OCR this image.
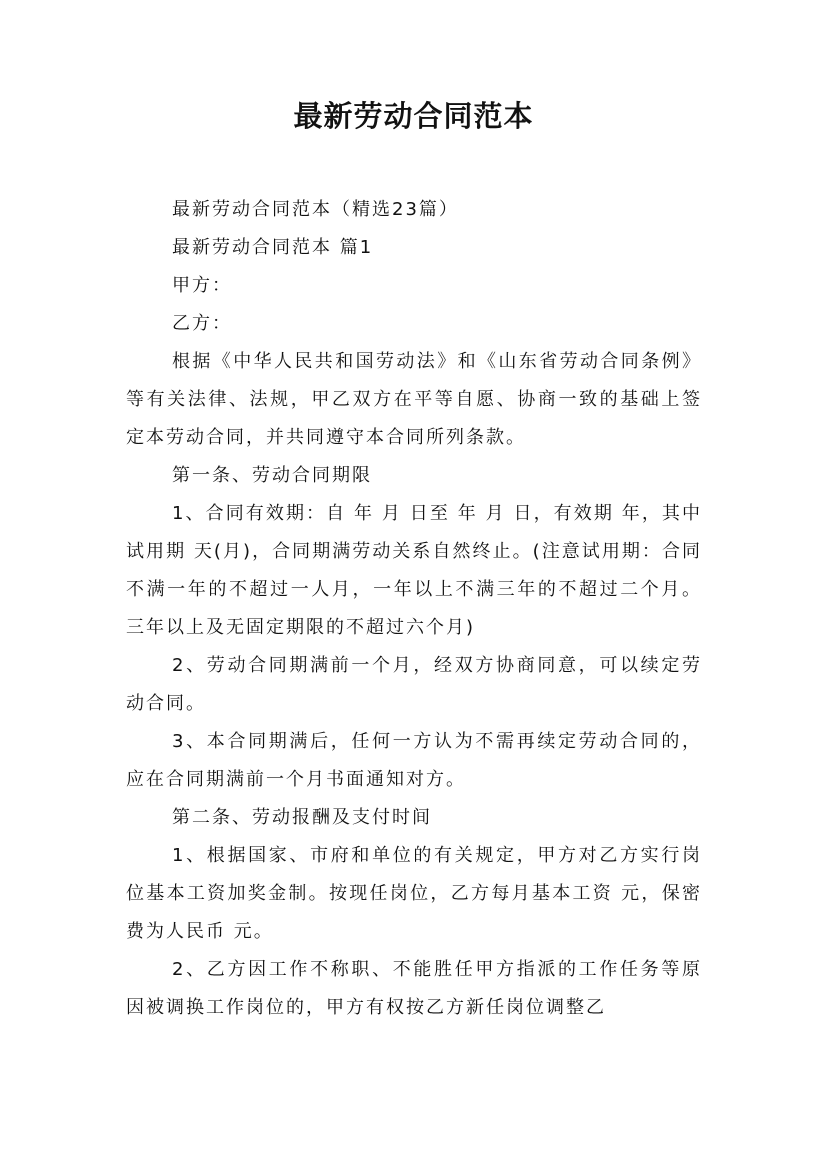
最新劳动合同范本

最新劳动合同范本（精选23篇）

最新劳动合同范本 篇1

甲方：

乙方：

根据《中华人民共和国劳动法》和《山东省劳动合同条例》等有关法律、法规，甲乙双方在平等自愿、协商一致的基础上签定本劳动合同，并共同遵守本合同所列条款。

第一条、劳动合同期限

1、合同有效期：自 年 月 日至 年 月 日，有效期 年，其中试用期 天(月)，合同期满劳动关系自然终止。(注意试用期：合同不满一年的不超过一人月，一年以上不满三年的不超过二个月。三年以上及无固定期限的不超过六个月)

2、劳动合同期满前一个月，经双方协商同意，可以续定劳动合同。

3、本合同期满后，任何一方认为不需再续定劳动合同的，应在合同期满前一个月书面通知对方。

第二条、劳动报酬及支付时间

1、根据国家、市府和单位的有关规定，甲方对乙方实行岗位基本工资加奖金制。按现任岗位，乙方每月基本工资 元，保密费为人民币 元。

2、乙方因工作不称职、不能胜任甲方指派的工作任务等原因被调换工作岗位的，甲方有权按乙方新任岗位调整乙
